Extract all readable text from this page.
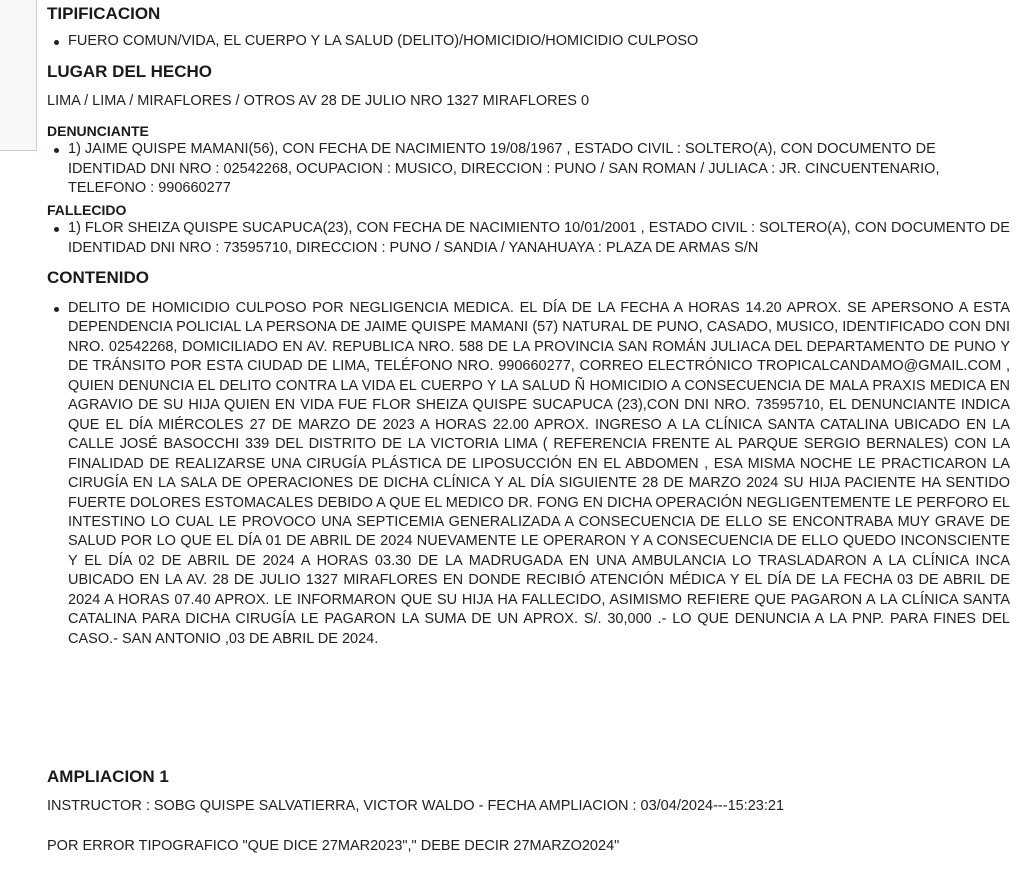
TIPIFICACION
FUERO COMUN/VIDA, EL CUERPO Y LA SALUD (DELITO)/HOMICIDIO/HOMICIDIO CULPOSO
LUGAR DEL HECHO

LIMA / LIMA / MIRAFLORES / OTROS AV 28 DE JULIO NRO 1327 MIRAFLORES 0

DENUNCIANTE
1) JAIME QUISPE MAMANI(56), CON FECHA DE NACIMIENTO 19/08/1967 , ESTADO CIVIL : SOLTERO(A), CON DOCUMENTO DE IDENTIDAD DNI NRO : 02542268, OCUPACION : MUSICO, DIRECCION : PUNO / SAN ROMAN / JULIACA : JR. CINCUENTENARIO, TELEFONO : 990660277
FALLECIDO
1) FLOR SHEIZA QUISPE SUCAPUCA(23), CON FECHA DE NACIMIENTO 10/01/2001 , ESTADO CIVIL : SOLTERO(A), CON DOCUMENTO DE IDENTIDAD DNI NRO : 73595710, DIRECCION : PUNO / SANDIA / YANAHUAYA : PLAZA DE ARMAS S/N
CONTENIDO
DELITO DE HOMICIDIO CULPOSO POR NEGLIGENCIA MEDICA. EL DÍA DE LA FECHA A HORAS 14.20 APROX. SE APERSONO A ESTA DEPENDENCIA POLICIAL LA PERSONA DE JAIME QUISPE MAMANI (57) NATURAL DE PUNO, CASADO, MUSICO, IDENTIFICADO CON DNI NRO. 02542268, DOMICILIADO EN AV. REPUBLICA NRO. 588 DE LA PROVINCIA SAN ROMÁN JULIACA DEL DEPARTAMENTO DE PUNO Y DE TRÁNSITO POR ESTA CIUDAD DE LIMA, TELÉFONO NRO. 990660277, CORREO ELECTRÓNICO TROPICALCANDAMO@GMAIL.COM , QUIEN DENUNCIA EL DELITO CONTRA LA VIDA EL CUERPO Y LA SALUD Ñ HOMICIDIO A CONSECUENCIA DE MALA PRAXIS MEDICA EN AGRAVIO DE SU HIJA QUIEN EN VIDA FUE FLOR SHEIZA QUISPE SUCAPUCA (23),CON DNI NRO. 73595710, EL DENUNCIANTE INDICA QUE EL DÍA MIÉRCOLES 27 DE MARZO DE 2023 A HORAS 22.00 APROX. INGRESO A LA CLÍNICA SANTA CATALINA UBICADO EN LA CALLE JOSÉ BASOCCHI 339 DEL DISTRITO DE LA VICTORIA LIMA ( REFERENCIA FRENTE AL PARQUE SERGIO BERNALES) CON LA FINALIDAD DE REALIZARSE UNA CIRUGÍA PLÁSTICA DE LIPOSUCCIÓN EN EL ABDOMEN , ESA MISMA NOCHE LE PRACTICARON LA CIRUGÍA EN LA SALA DE OPERACIONES DE DICHA CLÍNICA Y AL DÍA SIGUIENTE 28 DE MARZO 2024 SU HIJA PACIENTE HA SENTIDO FUERTE DOLORES ESTOMACALES DEBIDO A QUE EL MEDICO DR. FONG EN DICHA OPERACIÓN NEGLIGENTEMENTE LE PERFORO EL INTESTINO LO CUAL LE PROVOCO UNA SEPTICEMIA GENERALIZADA A CONSECUENCIA DE ELLO SE ENCONTRABA MUY GRAVE DE SALUD POR LO QUE EL DÍA 01 DE ABRIL DE 2024 NUEVAMENTE LE OPERARON Y A CONSECUENCIA DE ELLO QUEDO INCONSCIENTE Y EL DÍA 02 DE ABRIL DE 2024 A HORAS 03.30 DE LA MADRUGADA EN UNA AMBULANCIA LO TRASLADARON A LA CLÍNICA INCA UBICADO EN LA AV. 28 DE JULIO 1327 MIRAFLORES EN DONDE RECIBIÓ ATENCIÓN MÉDICA Y EL DÍA DE LA FECHA 03 DE ABRIL DE 2024 A HORAS 07.40 APROX. LE INFORMARON QUE SU HIJA HA FALLECIDO, ASIMISMO REFIERE QUE PAGARON A LA CLÍNICA SANTA CATALINA PARA DICHA CIRUGÍA LE PAGARON LA SUMA DE UN APROX. S/. 30,000 .- LO QUE DENUNCIA A LA PNP. PARA FINES DEL CASO.- SAN ANTONIO ,03 DE ABRIL DE 2024.
AMPLIACION 1

INSTRUCTOR : SOBG QUISPE SALVATIERRA, VICTOR WALDO - FECHA AMPLIACION : 03/04/2024---15:23:21

POR ERROR TIPOGRAFICO "QUE DICE 27MAR2023"," DEBE DECIR 27MARZO2024"
